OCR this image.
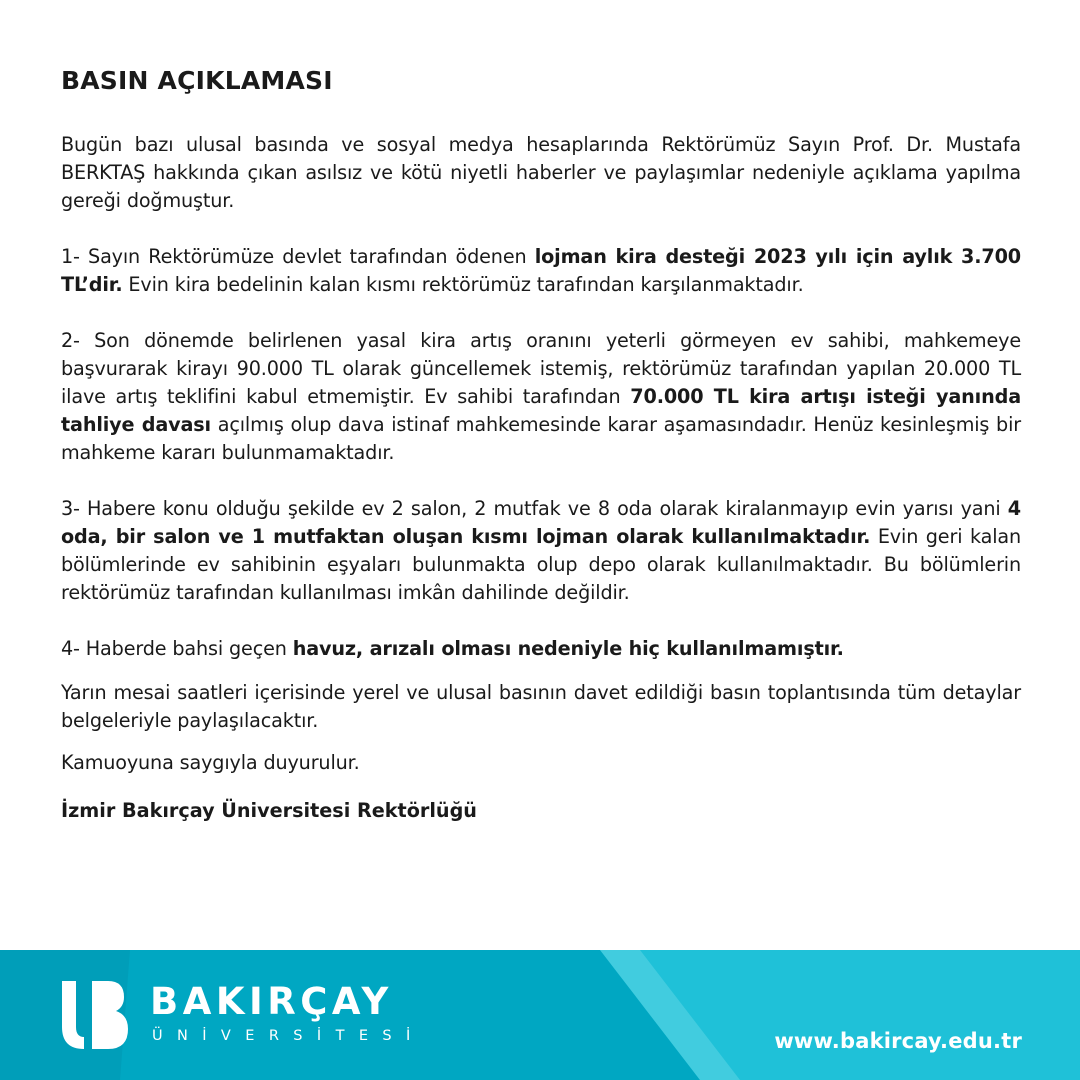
BASIN AÇIKLAMASI

Bugün bazı ulusal basında ve sosyal medya hesaplarında Rektörümüz Sayın Prof. Dr. Mustafa BERKTAŞ hakkında çıkan asılsız ve kötü niyetli haberler ve paylaşımlar nedeniyle açıklama yapılma gereği doğmuştur.

1- Sayın Rektörümüze devlet tarafından ödenen lojman kira desteği 2023 yılı için aylık 3.700 TL’dir. Evin kira bedelinin kalan kısmı rektörümüz tarafından karşılanmaktadır.

2- Son dönemde belirlenen yasal kira artış oranını yeterli görmeyen ev sahibi, mahkemeye başvurarak kirayı 90.000 TL olarak güncellemek istemiş, rektörümüz tarafından yapılan 20.000 TL ilave artış teklifini kabul etmemiştir. Ev sahibi tarafından 70.000 TL kira artışı isteği yanında tahliye davası açılmış olup dava istinaf mahkemesinde karar aşamasındadır. Henüz kesinleşmiş bir mahkeme kararı bulunmamaktadır.

3- Habere konu olduğu şekilde ev 2 salon, 2 mutfak ve 8 oda olarak kiralanmayıp evin yarısı yani 4 oda, bir salon ve 1 mutfaktan oluşan kısmı lojman olarak kullanılmaktadır. Evin geri kalan bölümlerinde ev sahibinin eşyaları bulunmakta olup depo olarak kullanılmaktadır. Bu bölümlerin rektörümüz tarafından kullanılması imkân dahilinde değildir.

4- Haberde bahsi geçen havuz, arızalı olması nedeniyle hiç kullanılmamıştır.

Yarın mesai saatleri içerisinde yerel ve ulusal basının davet edildiği basın toplantısında tüm detaylar belgeleriyle paylaşılacaktır.

Kamuoyuna saygıyla duyurulur.

İzmir Bakırçay Üniversitesi Rektörlüğü
BAKIRÇAY
ÜNİVERSİTESİ	www.bakircay.edu.tr
